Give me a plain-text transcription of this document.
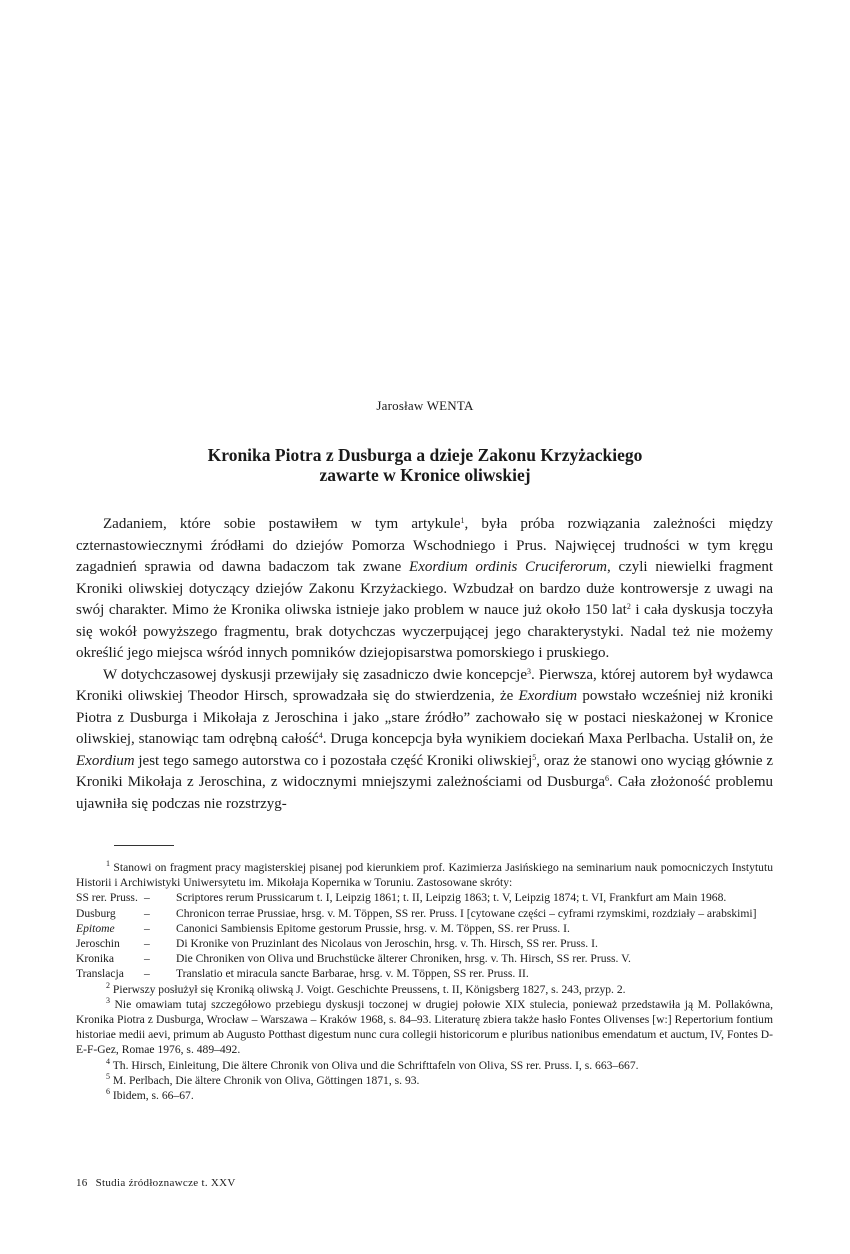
Jarosław WENTA
Kronika Piotra z Dusburga a dzieje Zakonu Krzyżackiego
zawarte w Kronice oliwskiej

Zadaniem, które sobie postawiłem w tym artykule$^1$, była próba rozwiązania zależności między czternastowiecznymi źródłami do dziejów Pomorza Wschodniego i Prus. Najwięcej trudności w tym kręgu zagadnień sprawia od dawna badaczom tak zwane Exordium ordinis Cruciferorum, czyli niewielki fragment Kroniki oliwskiej dotyczący dziejów Zakonu Krzyżackiego. Wzbudzał on bardzo duże kontrowersje z uwagi na swój charakter. Mimo że Kronika oliwska istnieje jako problem w nauce już około 150 lat$^2$ i cała dyskusja toczyła się wokół powyższego fragmentu, brak dotychczas wyczerpującej jego charakterystyki. Nadal też nie możemy określić jego miejsca wśród innych pomników dziejopisarstwa pomorskiego i pruskiego.

W dotychczasowej dyskusji przewijały się zasadniczo dwie koncepcje$^3$. Pierwsza, której autorem był wydawca Kroniki oliwskiej Theodor Hirsch, sprowadzała się do stwierdzenia, że Exordium powstało wcześniej niż kroniki Piotra z Dusburga i Mikołaja z Jeroschina i jako „stare źródło” zachowało się w postaci nieskażonej w Kronice oliwskiej, stanowiąc tam odrębną całość$^4$. Druga koncepcja była wynikiem dociekań Maxa Perlbacha. Ustalił on, że Exordium jest tego samego autorstwa co i pozostała część Kroniki oliwskiej$^5$, oraz że stanowi ono wyciąg głównie z Kroniki Mikołaja z Jeroschina, z widocznymi mniejszymi zależnościami od Dusburga$^6$. Cała złożoność problemu ujawniła się podczas nie rozstrzyg-

$^1$ Stanowi on fragment pracy magisterskiej pisanej pod kierunkiem prof. Kazimierza Jasińskiego na seminarium nauk pomocniczych Instytutu Historii i Archiwistyki Uniwersytetu im. Mikołaja Kopernika w Toruniu. Zastosowane skróty:

SS rer. Pruss. – Scriptores rerum Prussicarum t. I, Leipzig 1861; t. II, Leipzig 1863; t. V, Leipzig 1874; t. VI, Frankfurt am Main 1968.
Dusburg	– Chronicon terrae Prussiae, hrsg. v. M. Töppen, SS rer. Pruss. I [cytowane części – cyframi rzymskimi, rozdziały – arabskimi]
Epitome	– Canonici Sambiensis Epitome gestorum Prussie, hrsg. v. M. Töppen, SS. rer Pruss. I.
Jeroschin	– Di Kronike von Pruzinlant des Nicolaus von Jeroschin, hrsg. v. Th. Hirsch, SS rer. Pruss. I.
Kronika	– Die Chroniken von Oliva und Bruchstücke älterer Chroniken, hrsg. v. Th. Hirsch, SS rer. Pruss. V.
Translacja	– Translatio et miracula sancte Barbarae, hrsg. v. M. Töppen, SS rer. Pruss. II.

$^2$ Pierwszy posłużył się Kroniką oliwską J. Voigt. Geschichte Preussens, t. II, Königsberg 1827, s. 243, przyp. 2.

$^3$ Nie omawiam tutaj szczegółowo przebiegu dyskusji toczonej w drugiej połowie XIX stulecia, ponieważ przedstawiła ją M. Pollakówna, Kronika Piotra z Dusburga, Wrocław – Warszawa – Kraków 1968, s. 84–93. Literaturę zbiera także hasło Fontes Olivenses [w:] Repertorium fontium historiae medii aevi, primum ab Augusto Potthast digestum nunc cura collegii historicorum e pluribus nationibus emendatum et auctum, IV, Fontes D-E-F-Gez, Romae 1976, s. 489–492.

$^4$ Th. Hirsch, Einleitung, Die ältere Chronik von Oliva und die Schrifttafeln von Oliva, SS rer. Pruss. I, s. 663–667.

$^5$ M. Perlbach, Die ältere Chronik von Oliva, Göttingen 1871, s. 93.

$^6$ Ibidem, s. 66–67.

16 Studia źródłoznawcze t. XXV
